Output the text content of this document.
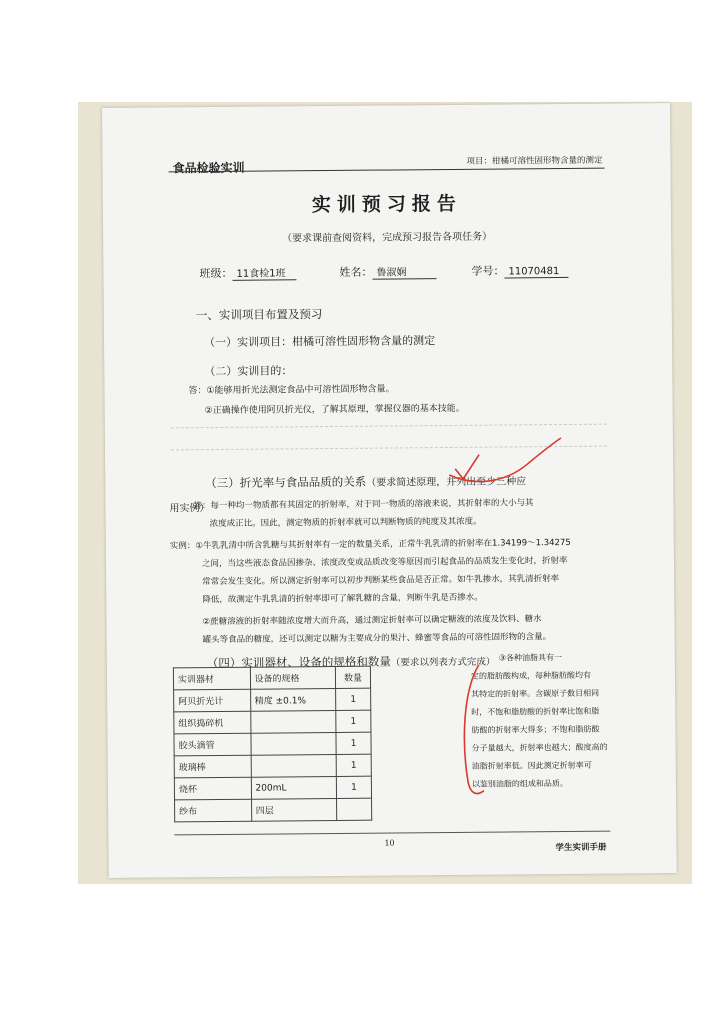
食品检验实训	项目：柑橘可溶性固形物含量的测定
实训预习报告
（要求课前查阅资料，完成预习报告各项任务）
班级： 11食检1班	姓名： 鲁淑娴	学号： 11070481
一、实训项目布置及预习
（一）实训项目：柑橘可溶性固形物含量的测定
（二）实训目的：
答：①能够用折光法测定食品中可溶性固形物含量。
②正确操作使用阿贝折光仪，了解其原理，掌握仪器的基本技能。
（三）折光率与食品品质的关系（要求简述原理，并列出至少三种应
用实例）
答：每一种均一物质都有其固定的折射率，对于同一物质的溶液来说，其折射率的大小与其
浓度成正比。因此，测定物质的折射率就可以判断物质的纯度及其浓度。
实例：①牛乳乳清中所含乳糖与其折射率有一定的数量关系，正常牛乳乳清的折射率在1.34199～1.34275
之间，当这些液态食品因掺杂、浓度改变或品质改变等原因而引起食品的品质发生变化时，折射率
常常会发生变化。所以测定折射率可以初步判断某些食品是否正常。如牛乳掺水，其乳清折射率
降低，故测定牛乳乳清的折射率即可了解乳糖的含量，判断牛乳是否掺水。
②蔗糖溶液的折射率随浓度增大而升高，通过测定折射率可以确定糖液的浓度及饮料、糖水
罐头等食品的糖度，还可以测定以糖为主要成分的果汁、蜂蜜等食品的可溶性固形物的含量。
（四）实训器材、设备的规格和数量（要求以列表方式完成）
实训器材	设备的规格	数量
阿贝折光计	精度 ±0.1%	1
组织捣碎机		1
胶头滴管		1
玻璃棒		1
烧杯	200mL	1
纱布	四层	
③各种油脂具有一
定的脂肪酸构成，每种脂肪酸均有
其特定的折射率。含碳原子数目相同
时，不饱和脂肪酸的折射率比饱和脂
肪酸的折射率大得多；不饱和脂肪酸
分子量越大，折射率也越大；酸度高的
油脂折射率低。因此测定折射率可
以鉴别油脂的组成和品质。
10	学生实训手册
